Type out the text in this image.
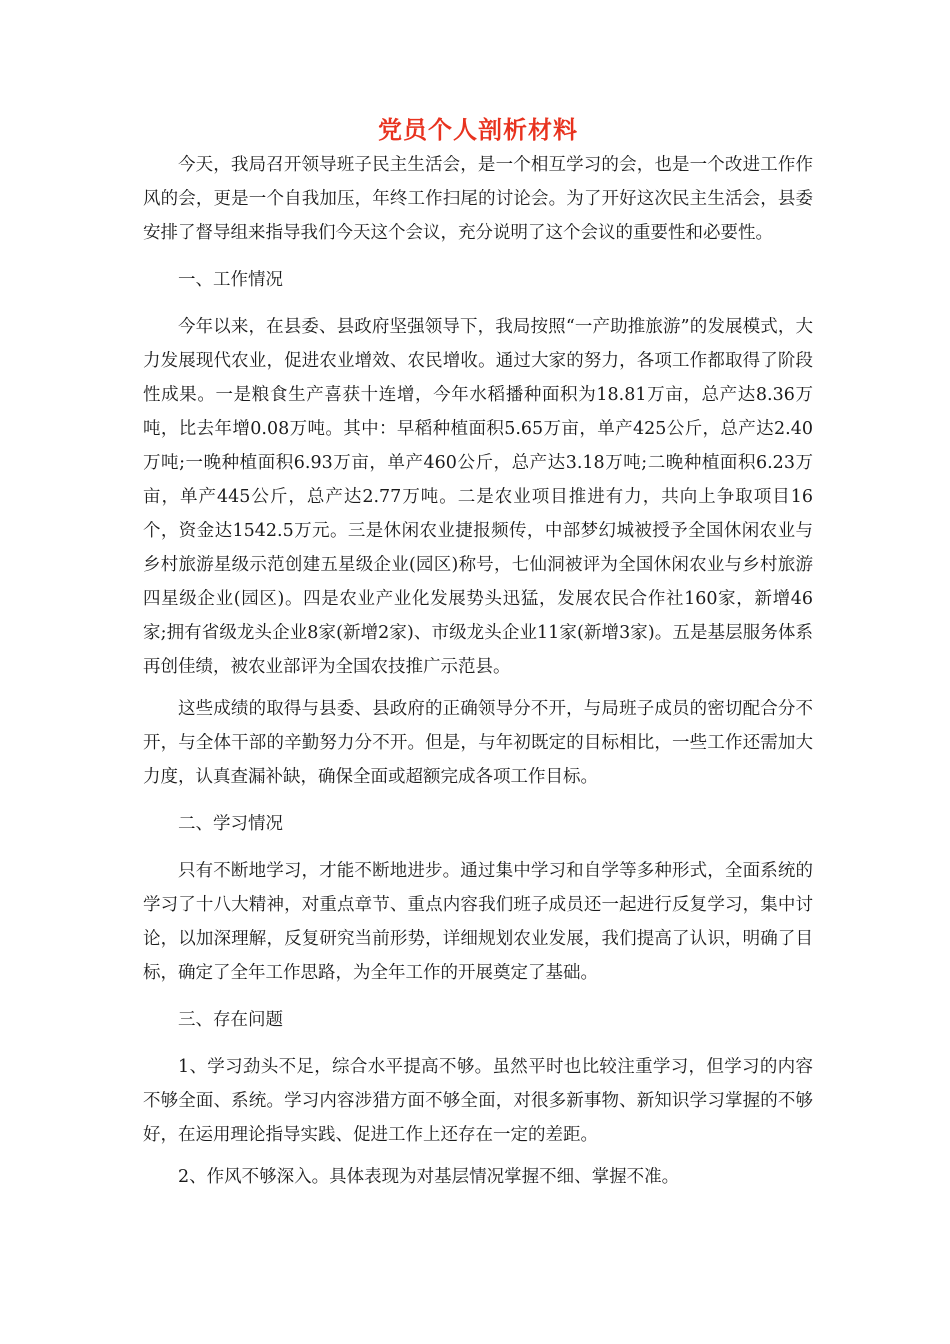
党员个人剖析材料

今天，我局召开领导班子民主生活会，是一个相互学习的会，也是一个改进工作作风的会，更是一个自我加压，年终工作扫尾的讨论会。为了开好这次民主生活会，县委安排了督导组来指导我们今天这个会议，充分说明了这个会议的重要性和必要性。

一、工作情况

今年以来，在县委、县政府坚强领导下，我局按照“一产助推旅游”的发展模式，大力发展现代农业，促进农业增效、农民增收。通过大家的努力，各项工作都取得了阶段性成果。一是粮食生产喜获十连增，今年水稻播种面积为18.81万亩，总产达8.36万吨，比去年增0.08万吨。其中：早稻种植面积5.65万亩，单产425公斤，总产达2.40万吨;一晚种植面积6.93万亩，单产460公斤，总产达3.18万吨;二晚种植面积6.23万亩，单产445公斤，总产达2.77万吨。二是农业项目推进有力，共向上争取项目16个，资金达1542.5万元。三是休闲农业捷报频传，中部梦幻城被授予全国休闲农业与乡村旅游星级示范创建五星级企业(园区)称号，七仙洞被评为全国休闲农业与乡村旅游四星级企业(园区)。四是农业产业化发展势头迅猛，发展农民合作社160家，新增46家;拥有省级龙头企业8家(新增2家)、市级龙头企业11家(新增3家)。五是基层服务体系再创佳绩，被农业部评为全国农技推广示范县。

这些成绩的取得与县委、县政府的正确领导分不开，与局班子成员的密切配合分不开，与全体干部的辛勤努力分不开。但是，与年初既定的目标相比，一些工作还需加大力度，认真查漏补缺，确保全面或超额完成各项工作目标。

二、学习情况

只有不断地学习，才能不断地进步。通过集中学习和自学等多种形式，全面系统的学习了十八大精神，对重点章节、重点内容我们班子成员还一起进行反复学习，集中讨论，以加深理解，反复研究当前形势，详细规划农业发展，我们提高了认识，明确了目标，确定了全年工作思路，为全年工作的开展奠定了基础。

三、存在问题

1、学习劲头不足，综合水平提高不够。虽然平时也比较注重学习，但学习的内容不够全面、系统。学习内容涉猎方面不够全面，对很多新事物、新知识学习掌握的不够好，在运用理论指导实践、促进工作上还存在一定的差距。

2、作风不够深入。具体表现为对基层情况掌握不细、掌握不准。
